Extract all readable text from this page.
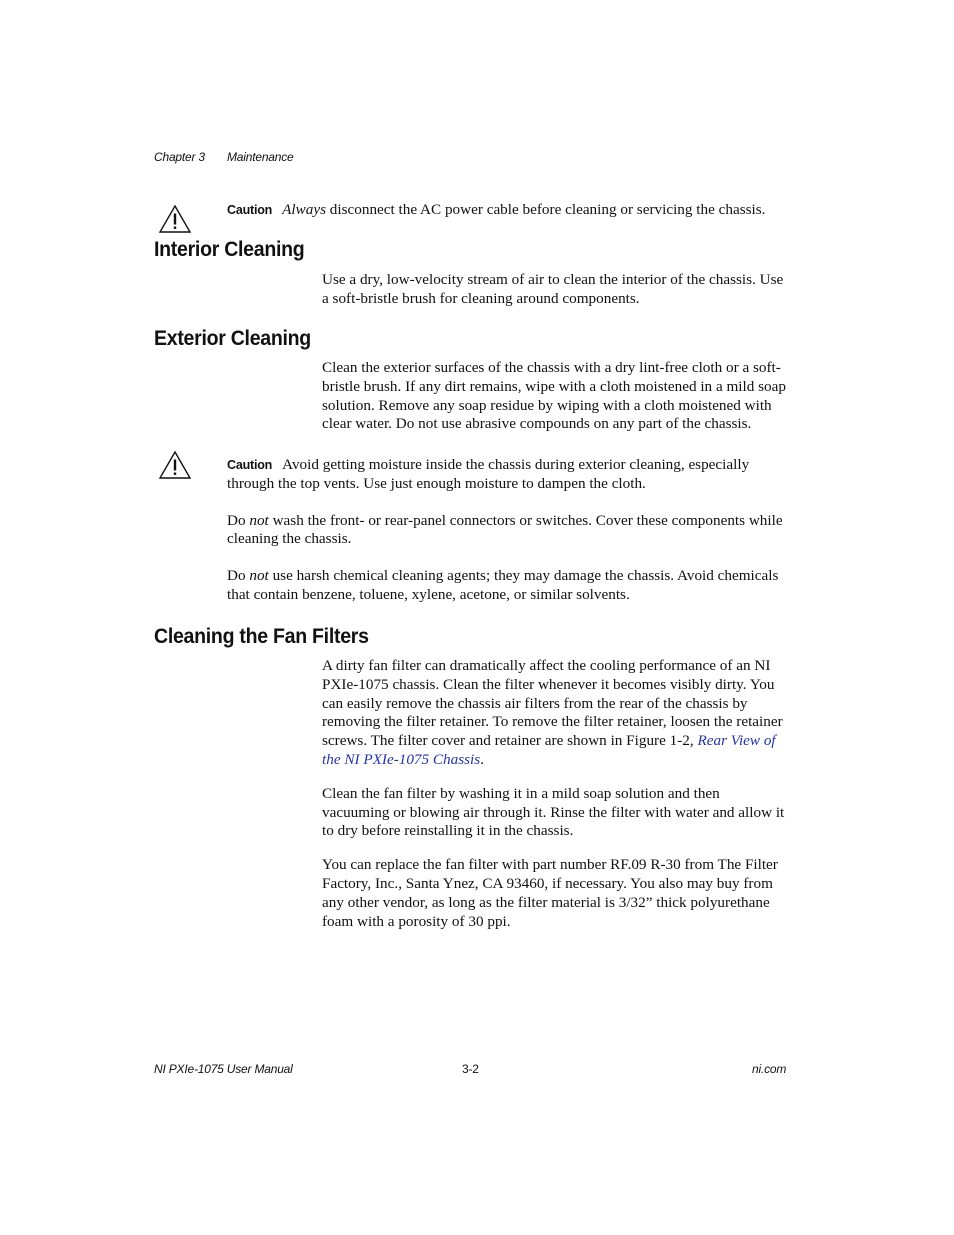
Chapter 3 Maintenance
Caution Always disconnect the AC power cable before cleaning or servicing the chassis.
Interior Cleaning

Use a dry, low-velocity stream of air to clean the interior of the chassis. Use a soft-bristle brush for cleaning around components.

Exterior Cleaning

Clean the exterior surfaces of the chassis with a dry lint-free cloth or a soft-bristle brush. If any dirt remains, wipe with a cloth moistened in a mild soap solution. Remove any soap residue by wiping with a cloth moistened with clear water. Do not use abrasive compounds on any part of the chassis.

Caution Avoid getting moisture inside the chassis during exterior cleaning, especially through the top vents. Use just enough moisture to dampen the cloth.

Do not wash the front- or rear-panel connectors or switches. Cover these components while cleaning the chassis.

Do not use harsh chemical cleaning agents; they may damage the chassis. Avoid chemicals that contain benzene, toluene, xylene, acetone, or similar solvents.

Cleaning the Fan Filters

A dirty fan filter can dramatically affect the cooling performance of an NI PXIe-1075 chassis. Clean the filter whenever it becomes visibly dirty. You can easily remove the chassis air filters from the rear of the chassis by removing the filter retainer. To remove the filter retainer, loosen the retainer screws. The filter cover and retainer are shown in Figure 1-2, Rear View of the NI PXIe-1075 Chassis.

Clean the fan filter by washing it in a mild soap solution and then vacuuming or blowing air through it. Rinse the filter with water and allow it to dry before reinstalling it in the chassis.

You can replace the fan filter with part number RF.09 R-30 from The Filter Factory, Inc., Santa Ynez, CA 93460, if necessary. You also may buy from any other vendor, as long as the filter material is 3/32” thick polyurethane foam with a porosity of 30 ppi.

NI PXIe-1075 User Manual	3-2	ni.com
